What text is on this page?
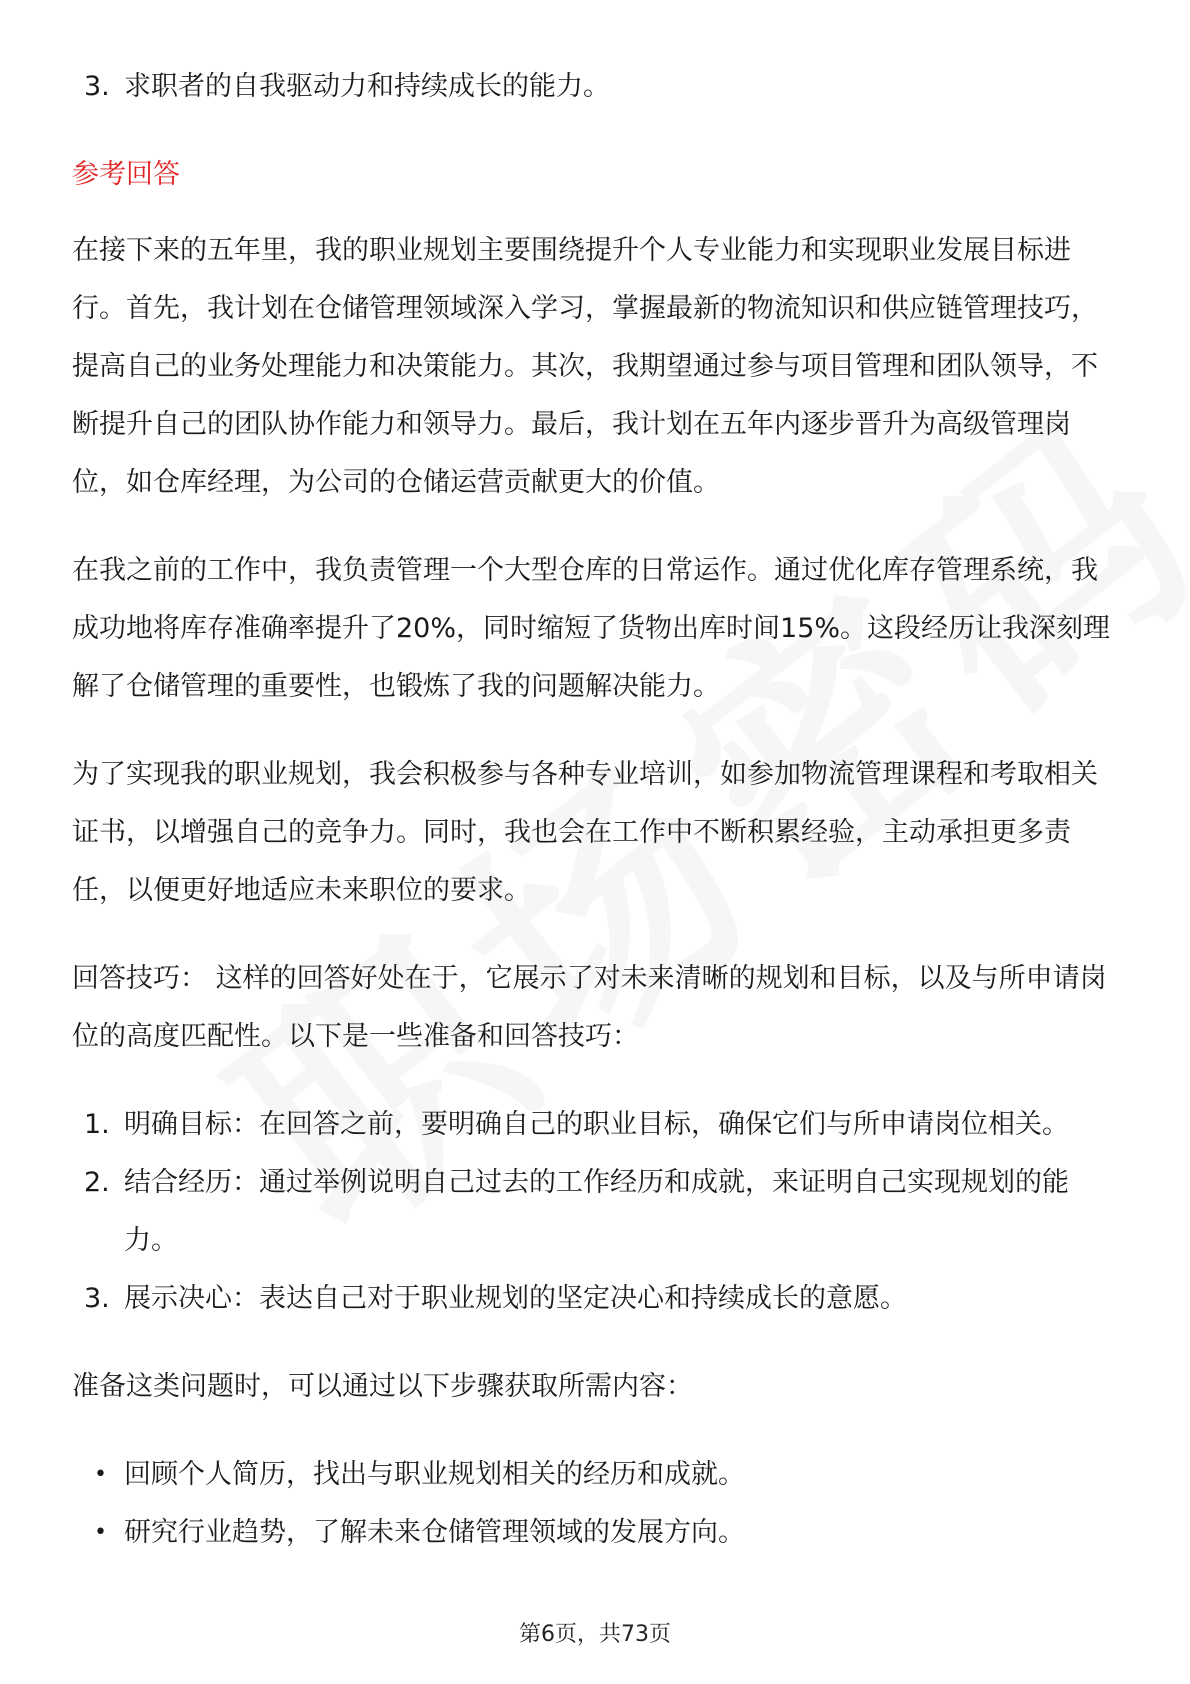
3. 求职者的自我驱动力和持续成长的能力。
参考回答

在接下来的五年里，我的职业规划主要围绕提升个人专业能力和实现职业发展目标进行。首先，我计划在仓储管理领域深入学习，掌握最新的物流知识和供应链管理技巧，提高自己的业务处理能力和决策能力。其次，我期望通过参与项目管理和团队领导，不断提升自己的团队协作能力和领导力。最后，我计划在五年内逐步晋升为高级管理岗位，如仓库经理，为公司的仓储运营贡献更大的价值。

在我之前的工作中，我负责管理一个大型仓库的日常运作。通过优化库存管理系统，我成功地将库存准确率提升了20%，同时缩短了货物出库时间15%。这段经历让我深刻理解了仓储管理的重要性，也锻炼了我的问题解决能力。

为了实现我的职业规划，我会积极参与各种专业培训，如参加物流管理课程和考取相关证书，以增强自己的竞争力。同时，我也会在工作中不断积累经验，主动承担更多责任，以便更好地适应未来职位的要求。

回答技巧： 这样的回答好处在于，它展示了对未来清晰的规划和目标，以及与所申请岗位的高度匹配性。以下是一些准备和回答技巧：

1. 明确目标：在回答之前，要明确自己的职业目标，确保它们与所申请岗位相关。
2. 结合经历：通过举例说明自己过去的工作经历和成就，来证明自己实现规划的能力。
3. 展示决心：表达自己对于职业规划的坚定决心和持续成长的意愿。

准备这类问题时，可以通过以下步骤获取所需内容：

• 回顾个人简历，找出与职业规划相关的经历和成就。
• 研究行业趋势，了解未来仓储管理领域的发展方向。
第6页，共73页
